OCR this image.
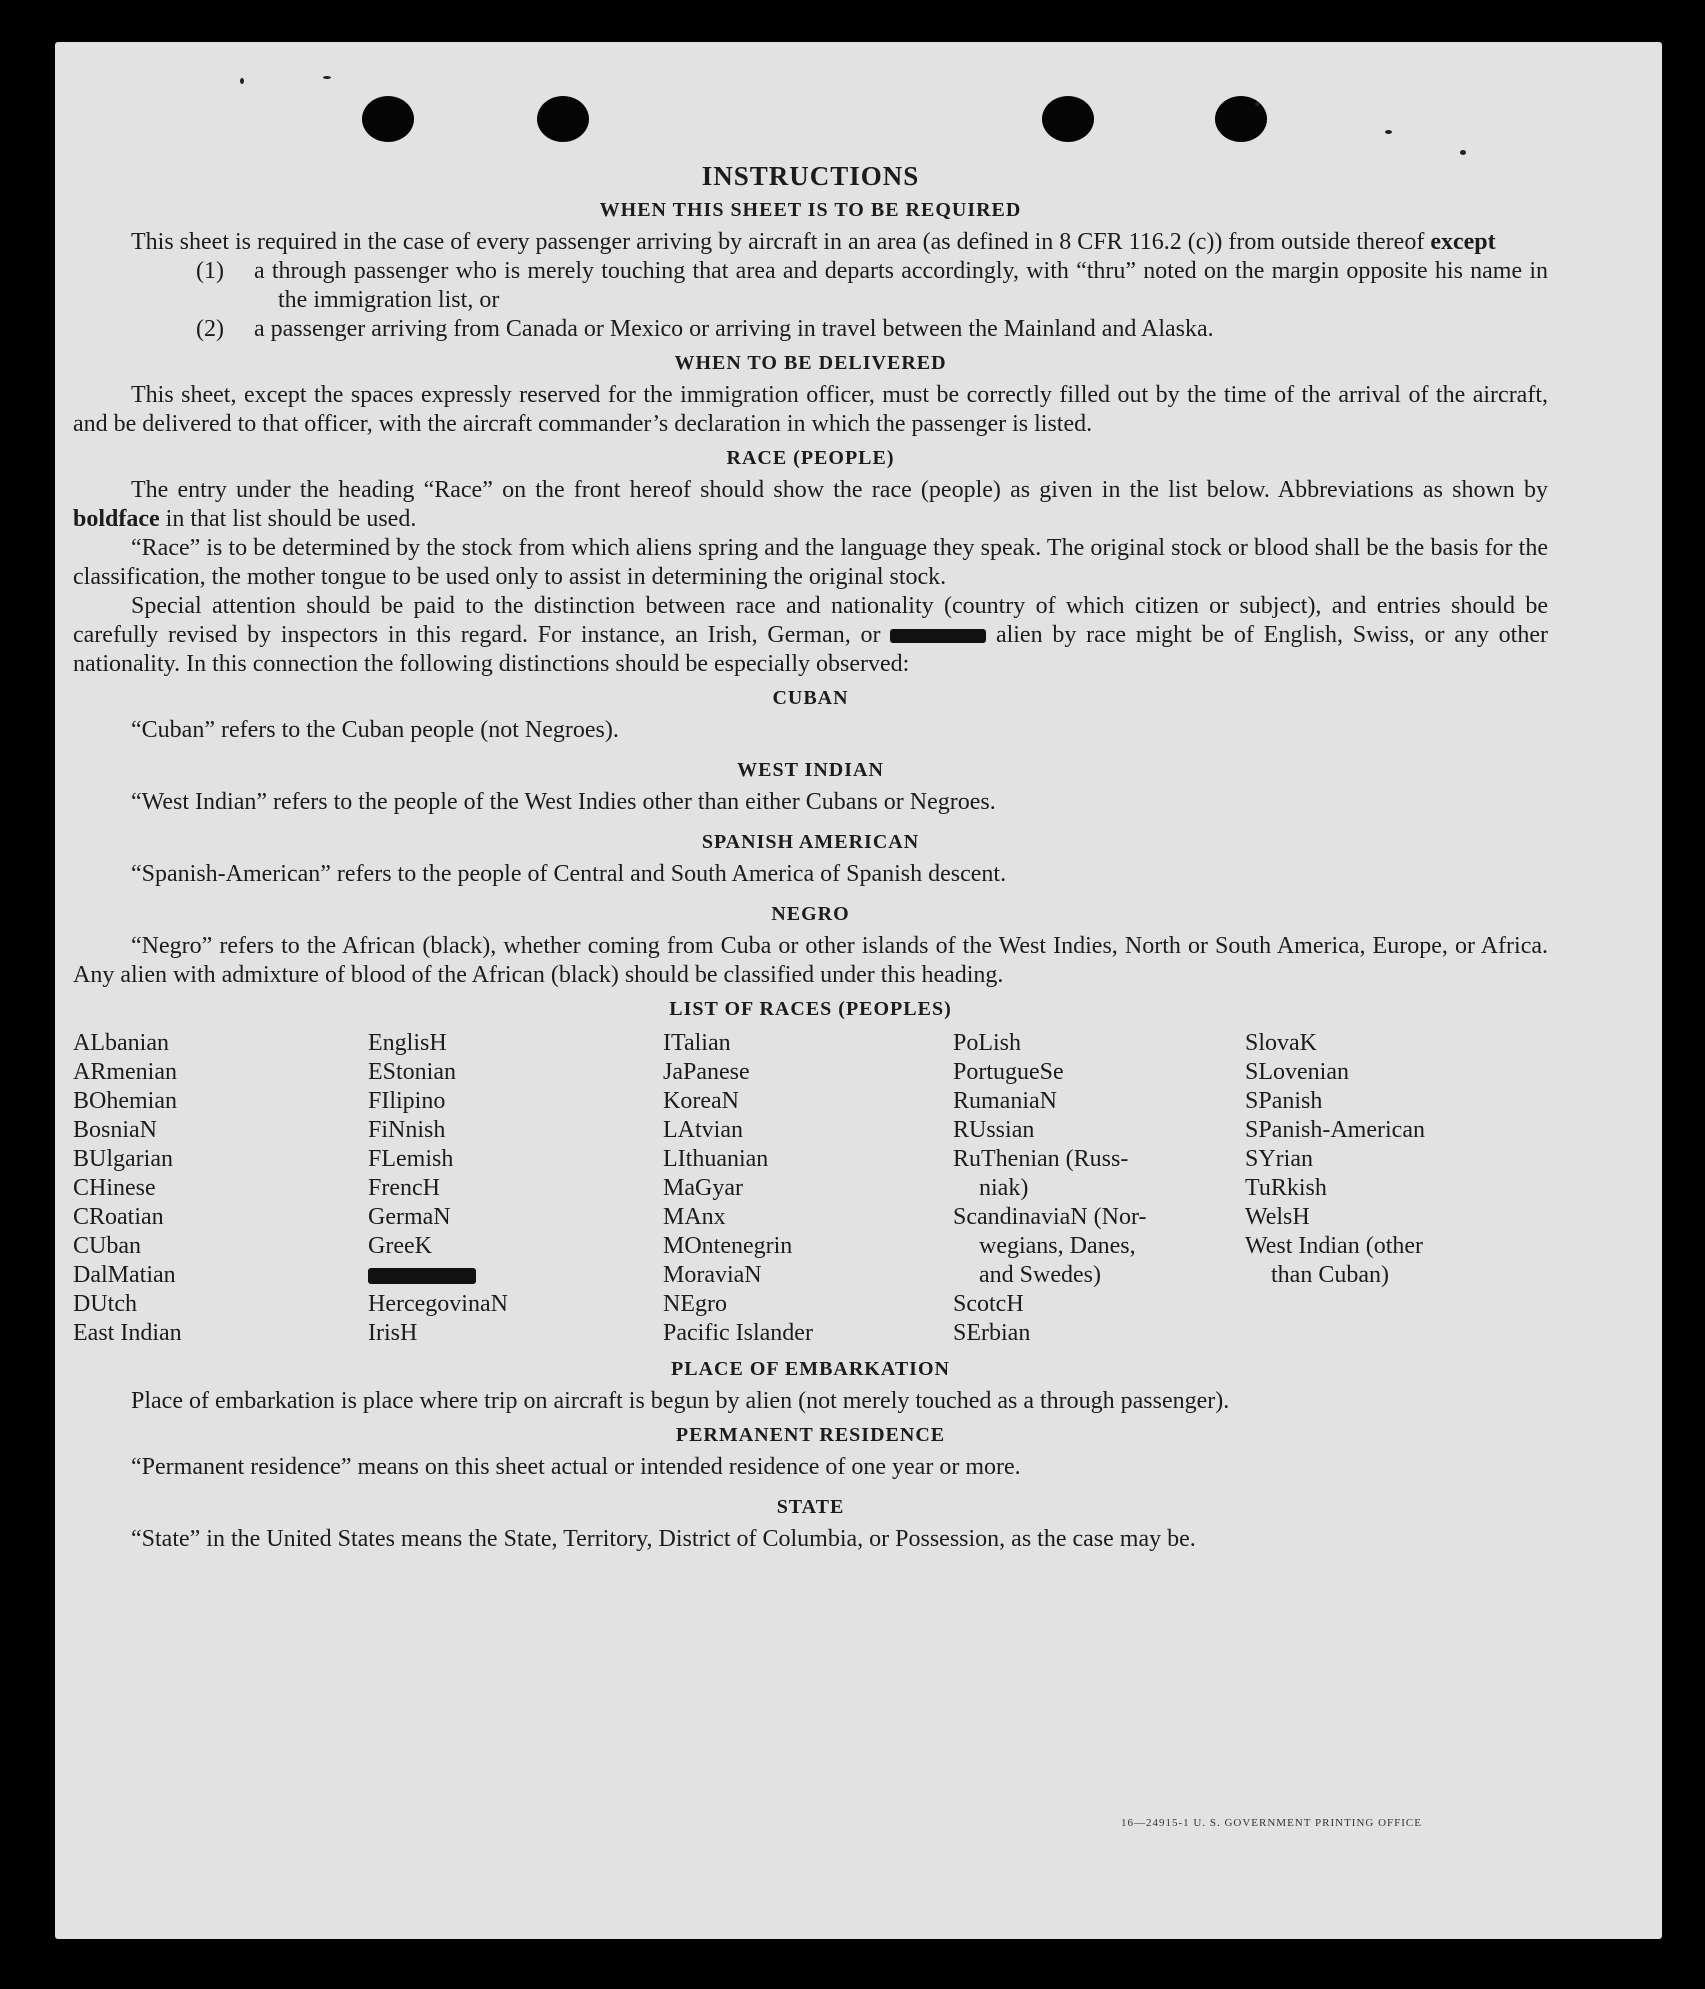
INSTRUCTIONS
WHEN THIS SHEET IS TO BE REQUIRED

This sheet is required in the case of every passenger arriving by aircraft in an area (as defined in 8 CFR 116.2 (c)) from outside thereof except

(1) a through passenger who is merely touching that area and departs accordingly, with “thru” noted on the margin opposite his name in the immigration list, or

(2) a passenger arriving from Canada or Mexico or arriving in travel between the Mainland and Alaska.

WHEN TO BE DELIVERED

This sheet, except the spaces expressly reserved for the immigration officer, must be correctly filled out by the time of the arrival of the aircraft, and be delivered to that officer, with the aircraft commander’s declaration in which the passenger is listed.

RACE (PEOPLE)

The entry under the heading “Race” on the front hereof should show the race (people) as given in the list below. Abbreviations as shown by boldface in that list should be used.

“Race” is to be determined by the stock from which aliens spring and the language they speak. The original stock or blood shall be the basis for the classification, the mother tongue to be used only to assist in determining the original stock.

Special attention should be paid to the distinction between race and nationality (country of which citizen or subject), and entries should be carefully revised by inspectors in this regard. For instance, an Irish, German, or	alien by race might be of English, Swiss, or any other nationality. In this connection the following distinctions should be especially observed:

CUBAN

“Cuban” refers to the Cuban people (not Negroes).

WEST INDIAN

“West Indian” refers to the people of the West Indies other than either Cubans or Negroes.

SPANISH AMERICAN

“Spanish-American” refers to the people of Central and South America of Spanish descent.

NEGRO

“Negro” refers to the African (black), whether coming from Cuba or other islands of the West Indies, North or South America, Europe, or Africa. Any alien with admixture of blood of the African (black) should be classified under this heading.

LIST OF RACES (PEOPLES)
ALbanian
ARmenian
BOhemian
BosniaN
BUlgarian
CHinese
CRoatian
CUban
DalMatian
DUtch
East Indian
EnglisH
EStonian
FIlipino
FiNnish
FLemish
FrencH
GermaN
GreeK
HercegovinaN
IrisH
ITalian
JaPanese
KoreaN
LAtvian
LIthuanian
MaGyar
MAnx
MOntenegrin
MoraviaN
NEgro
Pacific Islander
PoLish
PortugueSe
RumaniaN
RUssian
RuThenian (Russ-
niak)
ScandinaviaN (Nor-
wegians, Danes,
and Swedes)
ScotcH
SErbian
SlovaK
SLovenian
SPanish
SPanish-American
SYrian
TuRkish
WelsH
West Indian (other
than Cuban)
PLACE OF EMBARKATION

Place of embarkation is place where trip on aircraft is begun by alien (not merely touched as a through passenger).

PERMANENT RESIDENCE

“Permanent residence” means on this sheet actual or intended residence of one year or more.

STATE

“State” in the United States means the State, Territory, District of Columbia, or Possession, as the case may be.

16—24915-1 U. S. GOVERNMENT PRINTING OFFICE
